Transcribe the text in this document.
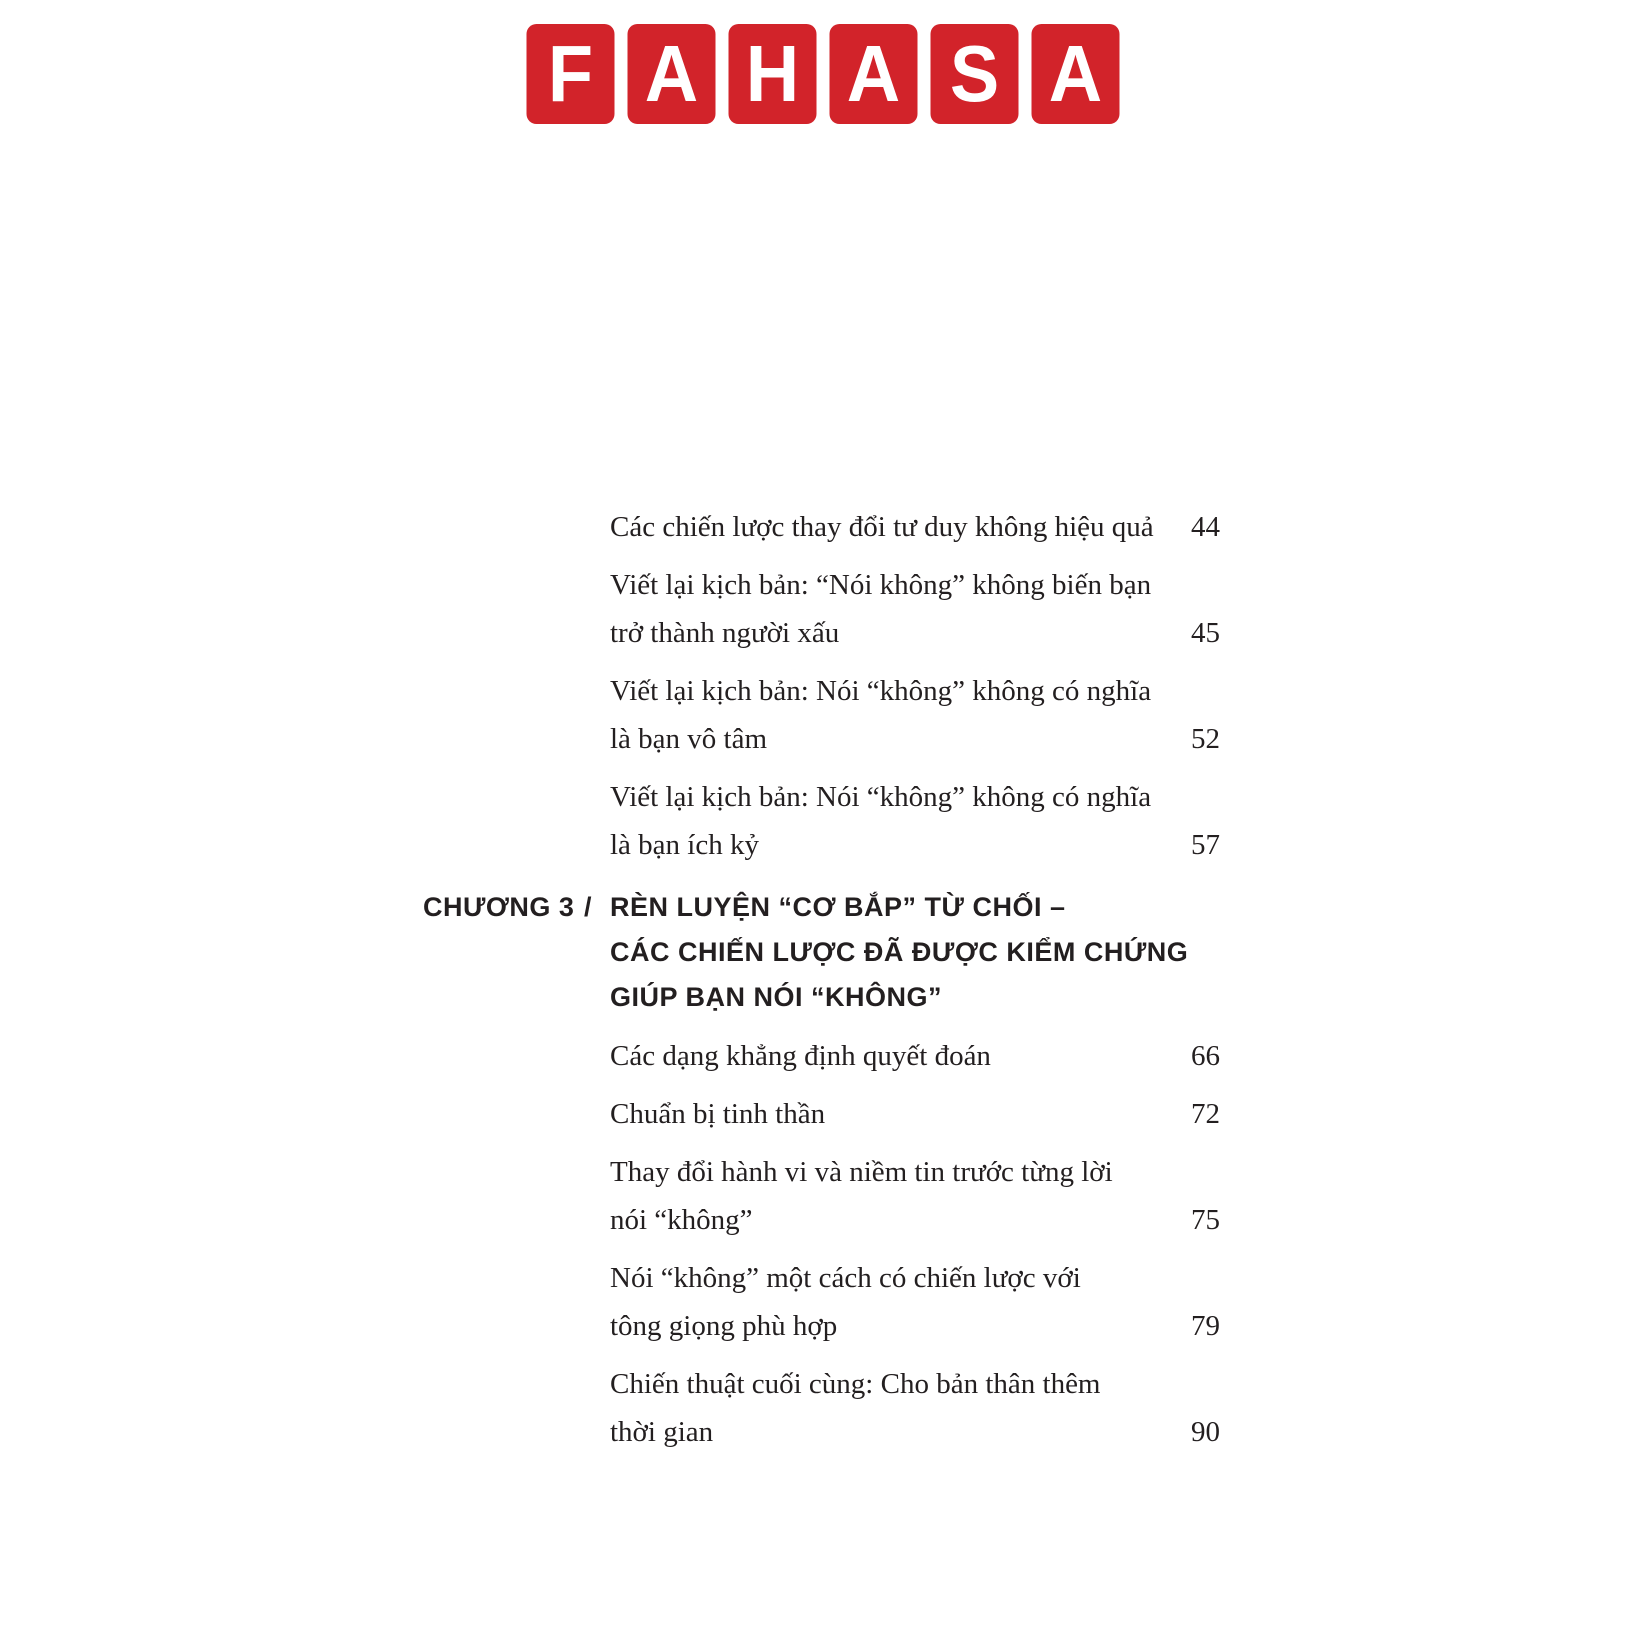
F A H A S A
Các chiến lược thay đổi tư duy không hiệu quả 44
Viết lại kịch bản: “Nói không” không biến bạn
trở thành người xấu	45
Viết lại kịch bản: Nói “không” không có nghĩa
là bạn vô tâm	52
Viết lại kịch bản: Nói “không” không có nghĩa
là bạn ích kỷ	57
CHƯƠNG 3 / RÈN LUYỆN “CƠ BẮP” TỪ CHỐI –
CÁC CHIẾN LƯỢC ĐÃ ĐƯỢC KIỂM CHỨNG
GIÚP BẠN NÓI “KHÔNG”
Các dạng khẳng định quyết đoán	66
Chuẩn bị tinh thần	72
Thay đổi hành vi và niềm tin trước từng lời
nói “không”	75
Nói “không” một cách có chiến lược với
tông giọng phù hợp	79
Chiến thuật cuối cùng: Cho bản thân thêm
thời gian	90
